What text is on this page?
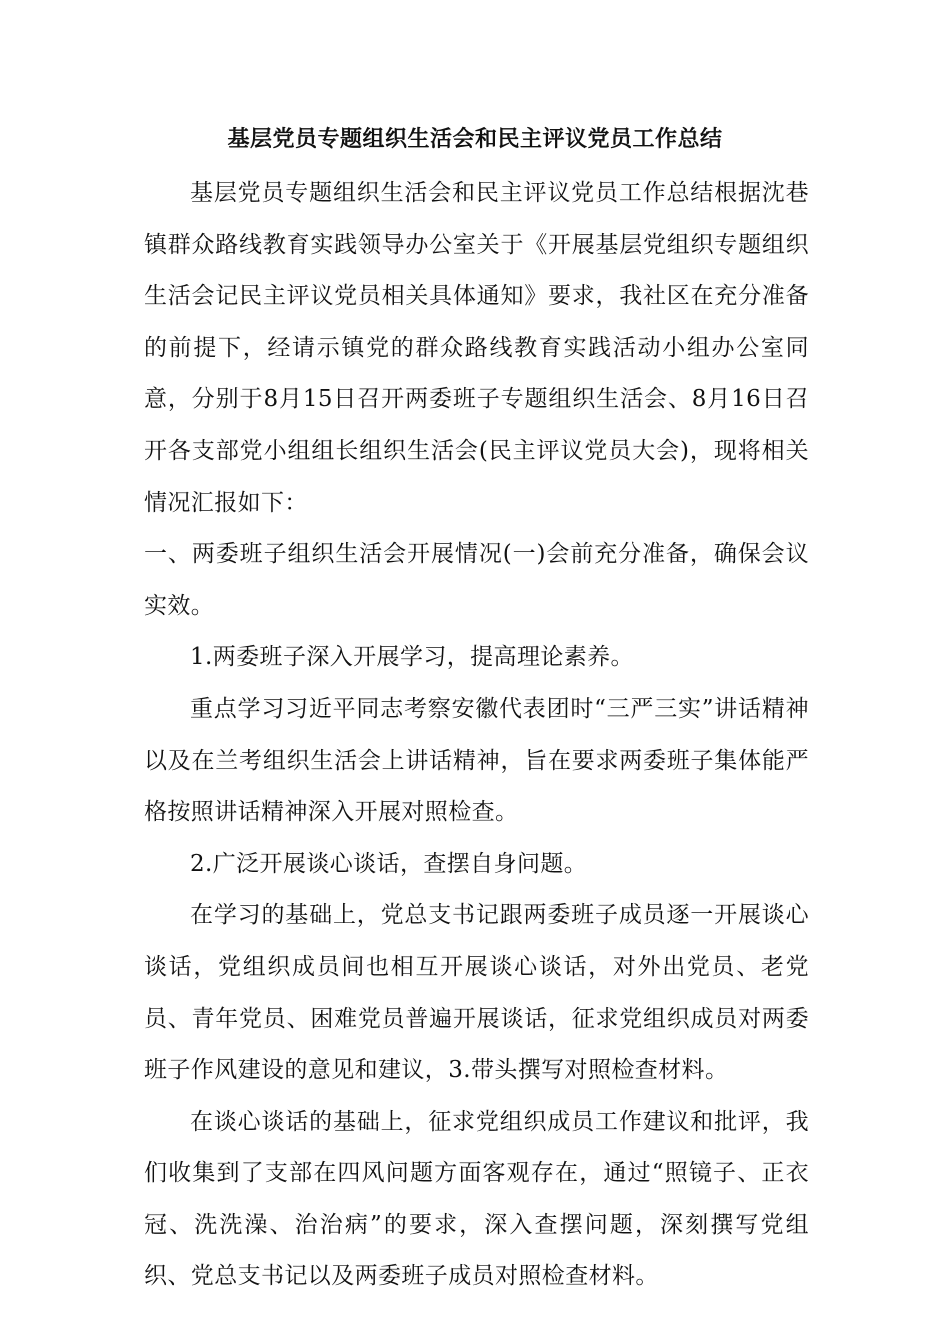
基层党员专题组织生活会和民主评议党员工作总结

基层党员专题组织生活会和民主评议党员工作总结根据沈巷镇群众路线教育实践领导办公室关于《开展基层党组织专题组织生活会记民主评议党员相关具体通知》要求，我社区在充分准备的前提下，经请示镇党的群众路线教育实践活动小组办公室同意，分别于8月15日召开两委班子专题组织生活会、8月16日召开各支部党小组组长组织生活会(民主评议党员大会)，现将相关情况汇报如下：

一、两委班子组织生活会开展情况(一)会前充分准备，确保会议实效。

1.两委班子深入开展学习，提高理论素养。

重点学习习近平同志考察安徽代表团时“三严三实”讲话精神以及在兰考组织生活会上讲话精神，旨在要求两委班子集体能严格按照讲话精神深入开展对照检查。

2.广泛开展谈心谈话，查摆自身问题。

在学习的基础上，党总支书记跟两委班子成员逐一开展谈心谈话，党组织成员间也相互开展谈心谈话，对外出党员、老党员、青年党员、困难党员普遍开展谈话，征求党组织成员对两委班子作风建设的意见和建议，3.带头撰写对照检查材料。

在谈心谈话的基础上，征求党组织成员工作建议和批评，我们收集到了支部在四风问题方面客观存在，通过“照镜子、正衣冠、洗洗澡、治治病”的要求，深入查摆问题，深刻撰写党组织、党总支书记以及两委班子成员对照检查材料。
